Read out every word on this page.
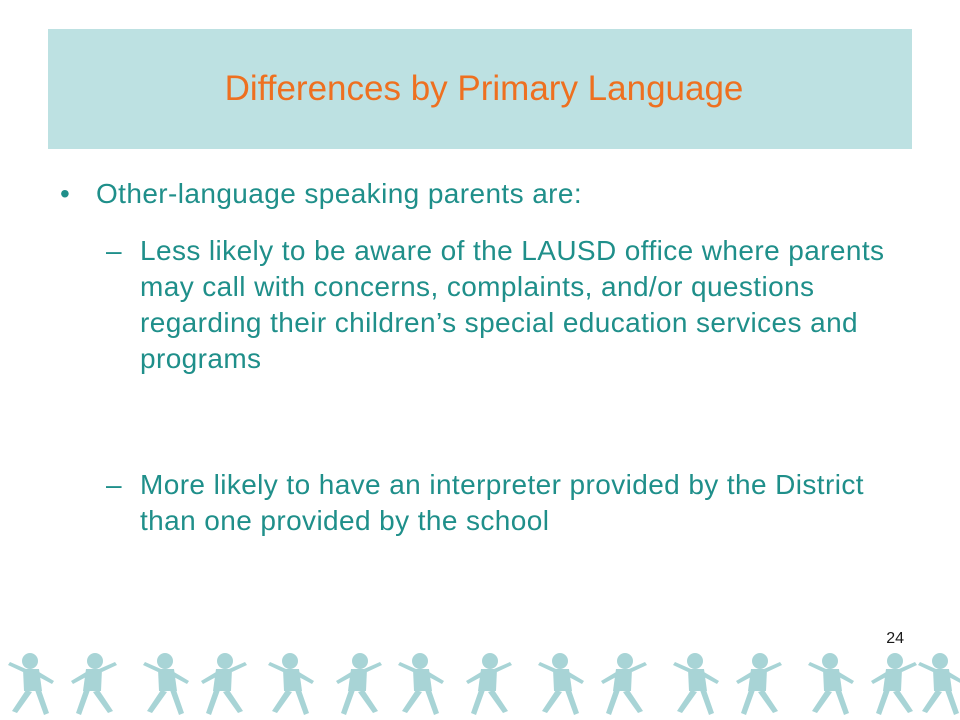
Differences by Primary Language
• Other-language speaking parents are:
– Less likely to be aware of the LAUSD office where parents may call with concerns, complaints, and/or questions regarding their children’s special education services and programs
– More likely to have an interpreter provided by the District than one provided by the school
24
